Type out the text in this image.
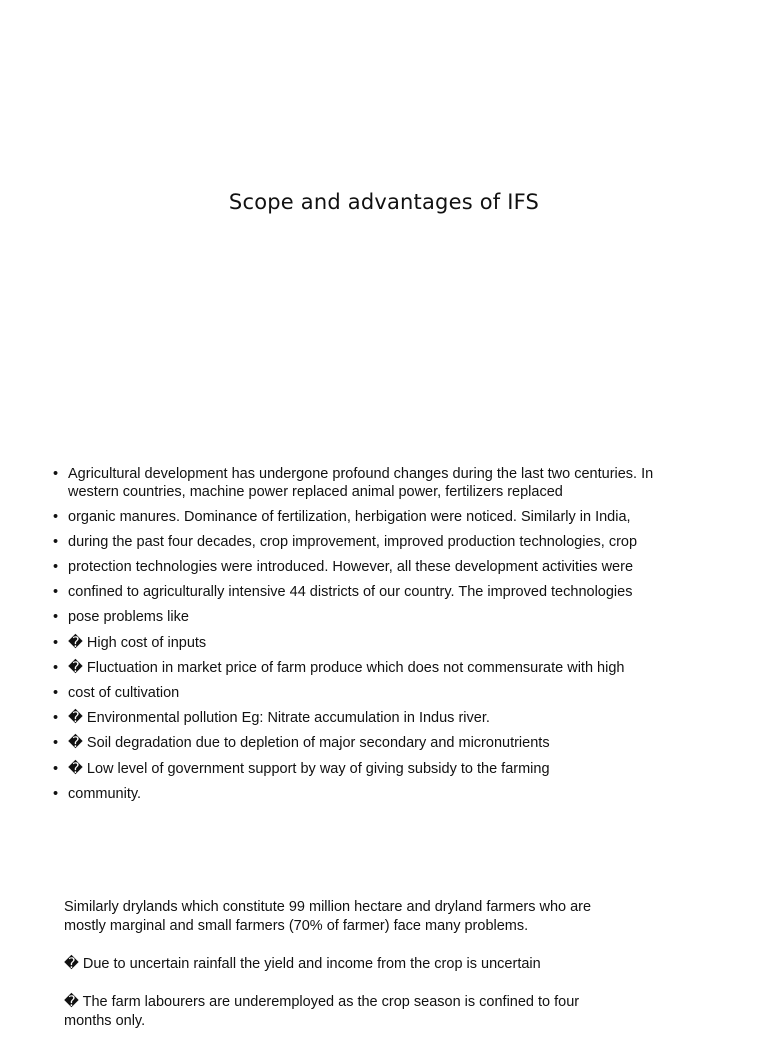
Scope and advantages of IFS
• Agricultural development has undergone profound changes during the last two centuries. In western countries, machine power replaced animal power, fertilizers replaced
• organic manures. Dominance of fertilization, herbigation were noticed. Similarly in India,
• during the past four decades, crop improvement, improved production technologies, crop
• protection technologies were introduced. However, all these development activities were
• confined to agriculturally intensive 44 districts of our country. The improved technologies
• pose problems like
• � High cost of inputs
• � Fluctuation in market price of farm produce which does not commensurate with high
• cost of cultivation
• � Environmental pollution Eg: Nitrate accumulation in Indus river.
• � Soil degradation due to depletion of major secondary and micronutrients
• � Low level of government support by way of giving subsidy to the farming
• community.

Similarly drylands which constitute 99 million hectare and dryland farmers who are mostly marginal and small farmers (70% of farmer) face many problems.

� Due to uncertain rainfall the yield and income from the crop is uncertain

� The farm labourers are underemployed as the crop season is confined to four months only.
